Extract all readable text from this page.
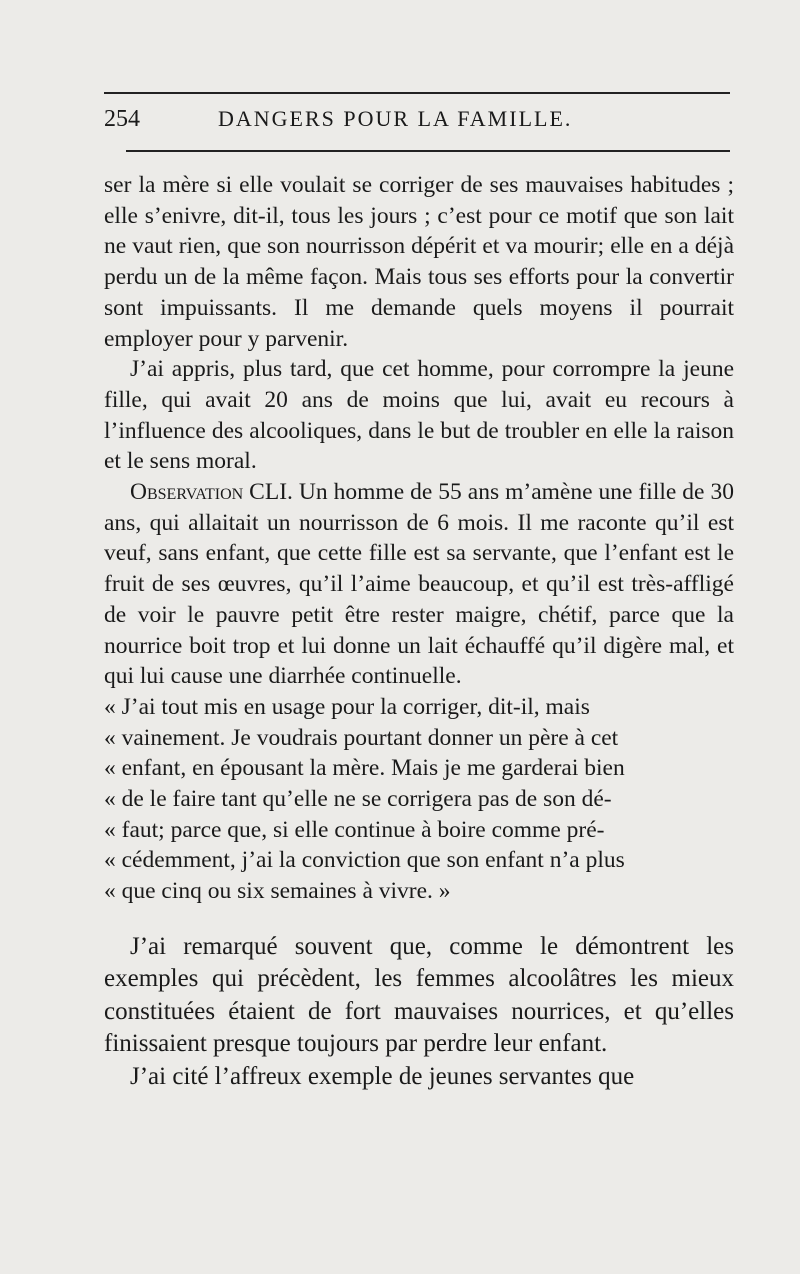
254	DANGERS POUR LA FAMILLE.

ser la mère si elle voulait se corriger de ses mauvaises habitudes ; elle s’enivre, dit-il, tous les jours ; c’est pour ce motif que son lait ne vaut rien, que son nourrisson dépérit et va mourir; elle en a déjà perdu un de la même façon. Mais tous ses efforts pour la convertir sont impuissants. Il me demande quels moyens il pourrait employer pour y parvenir.

J’ai appris, plus tard, que cet homme, pour corrompre la jeune fille, qui avait 20 ans de moins que lui, avait eu recours à l’influence des alcooliques, dans le but de troubler en elle la raison et le sens moral.

Observation CLI. Un homme de 55 ans m’amène une fille de 30 ans, qui allaitait un nourrisson de 6 mois. Il me raconte qu’il est veuf, sans enfant, que cette fille est sa servante, que l’enfant est le fruit de ses œuvres, qu’il l’aime beaucoup, et qu’il est très-affligé de voir le pauvre petit être rester maigre, chétif, parce que la nourrice boit trop et lui donne un lait échauffé qu’il digère mal, et qui lui cause une diarrhée continuelle.

« J’ai tout mis en usage pour la corriger, dit-il, mais

« vainement. Je voudrais pourtant donner un père à cet

« enfant, en épousant la mère. Mais je me garderai bien

« de le faire tant qu’elle ne se corrigera pas de son dé-

« faut; parce que, si elle continue à boire comme pré-

« cédemment, j’ai la conviction que son enfant n’a plus

« que cinq ou six semaines à vivre. »

J’ai remarqué souvent que, comme le démontrent les exemples qui précèdent, les femmes alcoolâtres les mieux constituées étaient de fort mauvaises nourrices, et qu’elles finissaient presque toujours par perdre leur enfant.

J’ai cité l’affreux exemple de jeunes servantes que
